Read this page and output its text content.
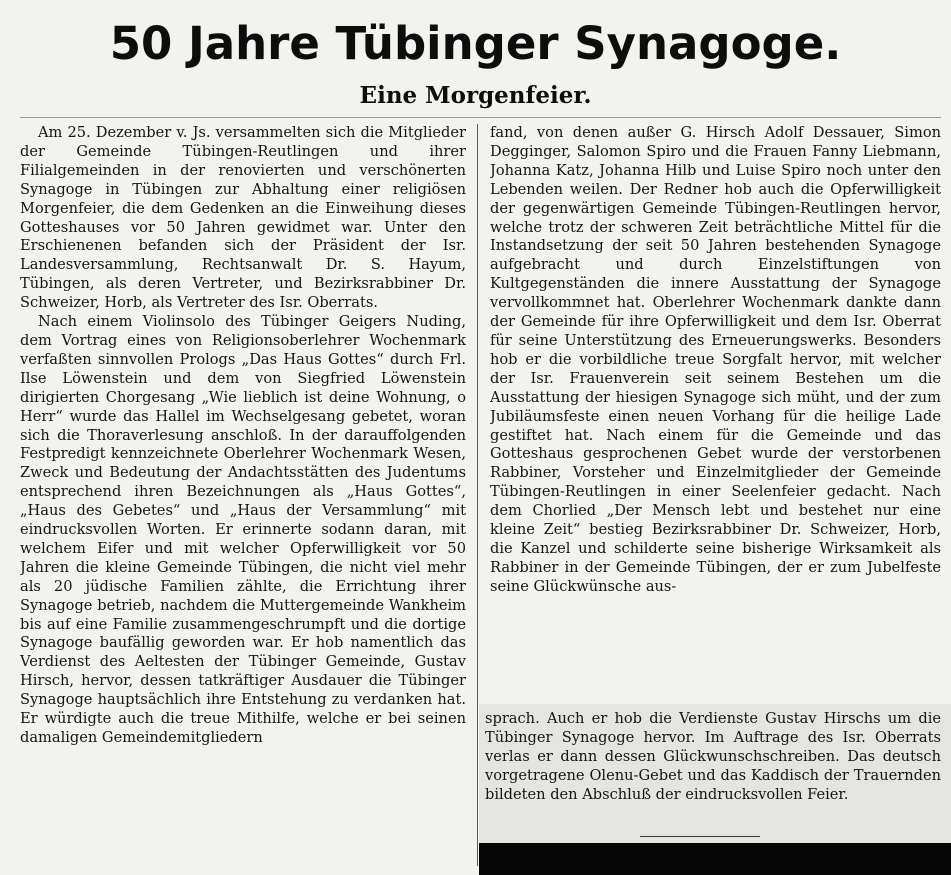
50 Jahre Tübinger Synagoge.
Eine Morgenfeier.

Am 25. Dezember v. Js. versammelten sich die Mitglieder der Gemeinde Tübingen-Reutlingen und ihrer Filialgemeinden in der renovierten und verschönerten Synagoge in Tübingen zur Abhaltung einer religiösen Morgenfeier, die dem Gedenken an die Einweihung dieses Gotteshauses vor 50 Jahren gewidmet war. Unter den Erschienenen befanden sich der Präsident der Isr. Landesversammlung, Rechtsanwalt Dr. S. Hayum, Tübingen, als deren Vertreter, und Bezirksrabbiner Dr. Schweizer, Horb, als Vertreter des Isr. Oberrats.

Nach einem Violinsolo des Tübinger Geigers Nuding, dem Vortrag eines von Religionsoberlehrer Wochenmark verfaßten sinnvollen Prologs „Das Haus Gottes“ durch Frl. Ilse Löwenstein und dem von Siegfried Löwenstein dirigierten Chorgesang „Wie lieblich ist deine Wohnung, o Herr“ wurde das Hallel im Wechselgesang gebetet, woran sich die Thoraverlesung anschloß. In der darauffolgenden Festpredigt kennzeichnete Oberlehrer Wochenmark Wesen, Zweck und Bedeutung der Andachtsstätten des Judentums entsprechend ihren Bezeichnungen als „Haus Gottes“, „Haus des Gebetes“ und „Haus der Versammlung“ mit eindrucksvollen Worten. Er erinnerte sodann daran, mit welchem Eifer und mit welcher Opferwilligkeit vor 50 Jahren die kleine Gemeinde Tübingen, die nicht viel mehr als 20 jüdische Familien zählte, die Errichtung ihrer Synagoge betrieb, nachdem die Muttergemeinde Wankheim bis auf eine Familie zusammengeschrumpft und die dortige Synagoge baufällig geworden war. Er hob namentlich das Verdienst des Aeltesten der Tübinger Gemeinde, Gustav Hirsch, hervor, dessen tatkräftiger Ausdauer die Tübinger Synagoge hauptsächlich ihre Entstehung zu verdanken hat. Er würdigte auch die treue Mithilfe, welche er bei seinen damaligen Gemeindemitgliedern

fand, von denen außer G. Hirsch Adolf Dessauer, Simon Degginger, Salomon Spiro und die Frauen Fanny Liebmann, Johanna Katz, Johanna Hilb und Luise Spiro noch unter den Lebenden weilen. Der Redner hob auch die Opferwilligkeit der gegenwärtigen Gemeinde Tübingen-Reutlingen hervor, welche trotz der schweren Zeit beträchtliche Mittel für die Instandsetzung der seit 50 Jahren bestehenden Synagoge aufgebracht und durch Einzelstiftungen von Kultgegenständen die innere Ausstattung der Synagoge vervollkommnet hat. Oberlehrer Wochenmark dankte dann der Gemeinde für ihre Opferwilligkeit und dem Isr. Oberrat für seine Unterstützung des Erneuerungswerks. Besonders hob er die vorbildliche treue Sorgfalt hervor, mit welcher der Isr. Frauenverein seit seinem Bestehen um die Ausstattung der hiesigen Synagoge sich müht, und der zum Jubiläumsfeste einen neuen Vorhang für die heilige Lade gestiftet hat. Nach einem für die Gemeinde und das Gotteshaus gesprochenen Gebet wurde der verstorbenen Rabbiner, Vorsteher und Einzelmitglieder der Gemeinde Tübingen-Reutlingen in einer Seelenfeier gedacht. Nach dem Chorlied „Der Mensch lebt und bestehet nur eine kleine Zeit“ bestieg Bezirksrabbiner Dr. Schweizer, Horb, die Kanzel und schilderte seine bisherige Wirksamkeit als Rabbiner in der Gemeinde Tübingen, der er zum Jubelfeste seine Glückwünsche aus-

sprach. Auch er hob die Verdienste Gustav Hirschs um die Tübinger Synagoge hervor. Im Auftrage des Isr. Oberrats verlas er dann dessen Glückwunschschreiben. Das deutsch vorgetragene Olenu-Gebet und das Kaddisch der Trauernden bildeten den Abschluß der eindrucksvollen Feier.
